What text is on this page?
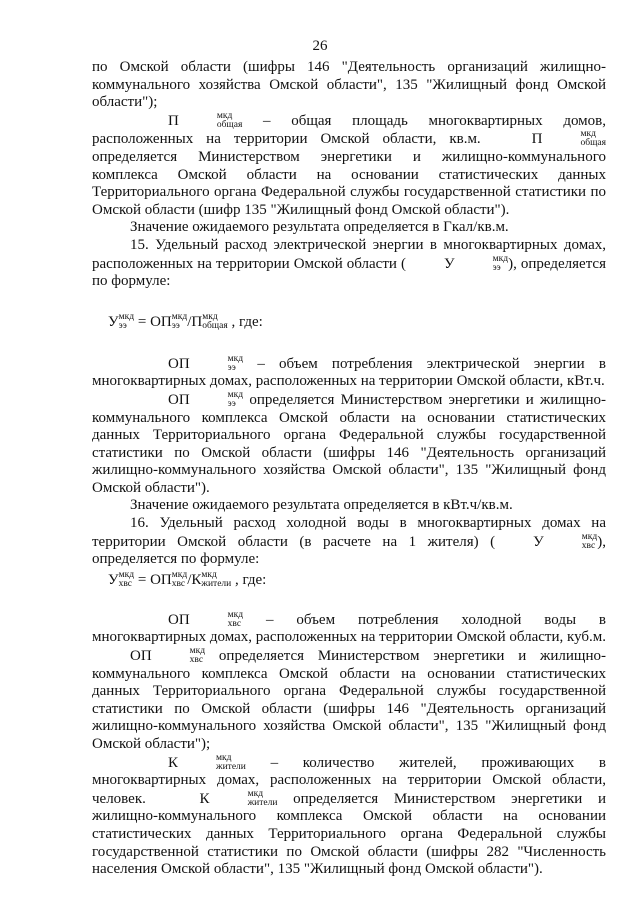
26

по Омской области (шифры 146 "Деятельность организаций жилищно-коммунального хозяйства Омской области", 135 "Жилищный фонд Омской области");

П	мкд
общая – общая площадь многоквартирных домов, расположенных на территории Омской области, кв.м.	П	мкд
общая
определяется Министерством энергетики и жилищно-коммунального комплекса Омской области на основании статистических данных Территориального органа Федеральной службы государственной статистики по Омской области (шифр 135 "Жилищный фонд Омской области").

Значение ожидаемого результата определяется в Гкал/кв.м.

15. Удельный расход электрической энергии в многоквартирных домах, расположенных на территории Омской области (	У	мкд
ээ ), определяется по формуле:

У мкд
ээ = ОП мкд
ээ /П мкд
общая , где:

ОП	мкд
ээ – объем потребления электрической энергии в многоквартирных домах, расположенных на территории Омской области, кВт.ч.

ОП	мкд
ээ определяется Министерством энергетики и жилищно-коммунального комплекса Омской области на основании статистических данных Территориального органа Федеральной службы государственной статистики по Омской области (шифры 146 "Деятельность организаций жилищно-коммунального хозяйства Омской области", 135 "Жилищный фонд Омской области").

Значение ожидаемого результата определяется в кВт.ч/кв.м.

16. Удельный расход холодной воды в многоквартирных домах на территории Омской области (в расчете на 1 жителя) (	У	мкд
хвс ), определяется по формуле:

У мкд
хвс = ОП мкд
хвс /К мкд
жители , где:

ОП	мкд
хвс – объем потребления холодной воды в многоквартирных домах, расположенных на территории Омской области, куб.м. ОП	мкд
хвс определяется Министерством энергетики и жилищно-коммунального комплекса Омской области на основании статистических данных Территориального органа Федеральной службы государственной статистики по Омской области (шифры 146 "Деятельность организаций жилищно-коммунального хозяйства Омской области", 135 "Жилищный фонд Омской области");

К	мкд
жители – количество жителей, проживающих в многоквартирных домах, расположенных на территории Омской области, человек.	К	мкд
жители определяется Министерством энергетики и жилищно-коммунального комплекса Омской области на основании статистических данных Территориального органа Федеральной службы государственной статистики по Омской области (шифры 282 "Численность населения Омской области", 135 "Жилищный фонд Омской области").
